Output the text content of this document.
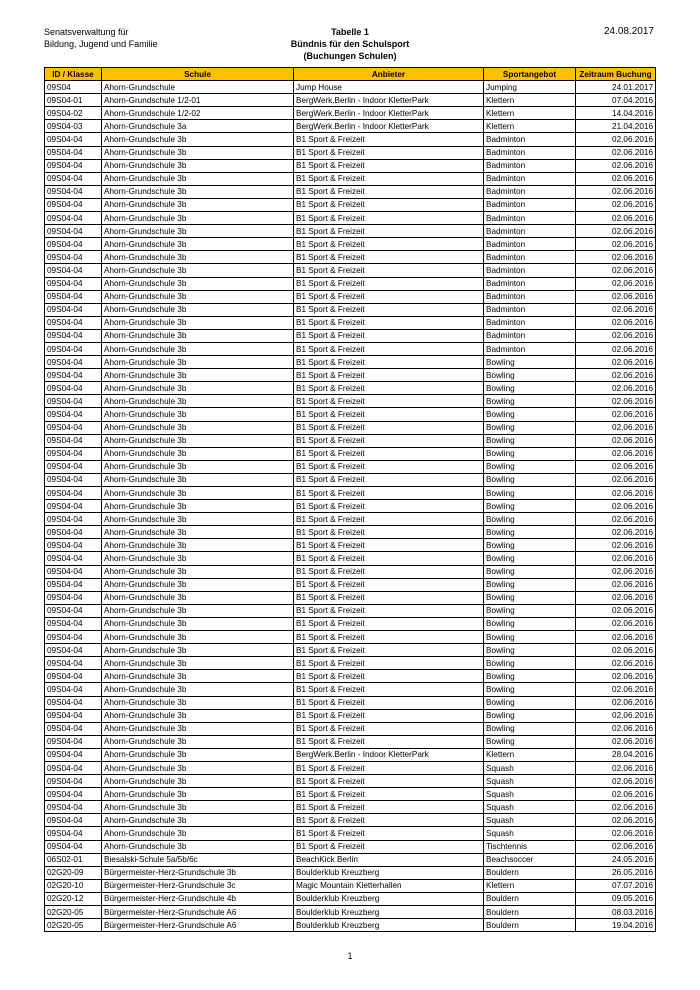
Senatsverwaltung für
Bildung, Jugend und Familie
Tabelle 1
Bündnis für den Schulsport
(Buchungen Schulen)
24.08.2017
ID / Klasse	Schule	Anbieter	Sportangebot	Zeitraum Buchung
09S04	Ahorn-Grundschule	Jump House	Jumping	24.01.2017
09S04-01	Ahorn-Grundschule 1/2-01	BergWerk.Berlin - Indoor KletterPark	Klettern	07.04.2016
09S04-02	Ahorn-Grundschule 1/2-02	BergWerk.Berlin - Indoor KletterPark	Klettern	14.04.2016
09S04-03	Ahorn-Grundschule 3a	BergWerk.Berlin - Indoor KletterPark	Klettern	21.04.2016
09S04-04	Ahorn-Grundschule 3b	B1 Sport & Freizeit	Badminton	02.06.2016
09S04-04	Ahorn-Grundschule 3b	B1 Sport & Freizeit	Badminton	02.06.2016
09S04-04	Ahorn-Grundschule 3b	B1 Sport & Freizeit	Badminton	02.06.2016
09S04-04	Ahorn-Grundschule 3b	B1 Sport & Freizeit	Badminton	02.06.2016
09S04-04	Ahorn-Grundschule 3b	B1 Sport & Freizeit	Badminton	02.06.2016
09S04-04	Ahorn-Grundschule 3b	B1 Sport & Freizeit	Badminton	02.06.2016
09S04-04	Ahorn-Grundschule 3b	B1 Sport & Freizeit	Badminton	02.06.2016
09S04-04	Ahorn-Grundschule 3b	B1 Sport & Freizeit	Badminton	02.06.2016
09S04-04	Ahorn-Grundschule 3b	B1 Sport & Freizeit	Badminton	02.06.2016
09S04-04	Ahorn-Grundschule 3b	B1 Sport & Freizeit	Badminton	02.06.2016
09S04-04	Ahorn-Grundschule 3b	B1 Sport & Freizeit	Badminton	02.06.2016
09S04-04	Ahorn-Grundschule 3b	B1 Sport & Freizeit	Badminton	02.06.2016
09S04-04	Ahorn-Grundschule 3b	B1 Sport & Freizeit	Badminton	02.06.2016
09S04-04	Ahorn-Grundschule 3b	B1 Sport & Freizeit	Badminton	02.06.2016
09S04-04	Ahorn-Grundschule 3b	B1 Sport & Freizeit	Badminton	02.06.2016
09S04-04	Ahorn-Grundschule 3b	B1 Sport & Freizeit	Badminton	02.06.2016
09S04-04	Ahorn-Grundschule 3b	B1 Sport & Freizeit	Badminton	02.06.2016
09S04-04	Ahorn-Grundschule 3b	B1 Sport & Freizeit	Bowling	02.06.2016
09S04-04	Ahorn-Grundschule 3b	B1 Sport & Freizeit	Bowling	02.06.2016
09S04-04	Ahorn-Grundschule 3b	B1 Sport & Freizeit	Bowling	02.06.2016
09S04-04	Ahorn-Grundschule 3b	B1 Sport & Freizeit	Bowling	02.06.2016
09S04-04	Ahorn-Grundschule 3b	B1 Sport & Freizeit	Bowling	02.06.2016
09S04-04	Ahorn-Grundschule 3b	B1 Sport & Freizeit	Bowling	02.06.2016
09S04-04	Ahorn-Grundschule 3b	B1 Sport & Freizeit	Bowling	02.06.2016
09S04-04	Ahorn-Grundschule 3b	B1 Sport & Freizeit	Bowling	02.06.2016
09S04-04	Ahorn-Grundschule 3b	B1 Sport & Freizeit	Bowling	02.06.2016
09S04-04	Ahorn-Grundschule 3b	B1 Sport & Freizeit	Bowling	02.06.2016
09S04-04	Ahorn-Grundschule 3b	B1 Sport & Freizeit	Bowling	02.06.2016
09S04-04	Ahorn-Grundschule 3b	B1 Sport & Freizeit	Bowling	02.06.2016
09S04-04	Ahorn-Grundschule 3b	B1 Sport & Freizeit	Bowling	02.06.2016
09S04-04	Ahorn-Grundschule 3b	B1 Sport & Freizeit	Bowling	02.06.2016
09S04-04	Ahorn-Grundschule 3b	B1 Sport & Freizeit	Bowling	02.06.2016
09S04-04	Ahorn-Grundschule 3b	B1 Sport & Freizeit	Bowling	02.06.2016
09S04-04	Ahorn-Grundschule 3b	B1 Sport & Freizeit	Bowling	02.06.2016
09S04-04	Ahorn-Grundschule 3b	B1 Sport & Freizeit	Bowling	02.06.2016
09S04-04	Ahorn-Grundschule 3b	B1 Sport & Freizeit	Bowling	02.06.2016
09S04-04	Ahorn-Grundschule 3b	B1 Sport & Freizeit	Bowling	02.06.2016
09S04-04	Ahorn-Grundschule 3b	B1 Sport & Freizeit	Bowling	02.06.2016
09S04-04	Ahorn-Grundschule 3b	B1 Sport & Freizeit	Bowling	02.06.2016
09S04-04	Ahorn-Grundschule 3b	B1 Sport & Freizeit	Bowling	02.06.2016
09S04-04	Ahorn-Grundschule 3b	B1 Sport & Freizeit	Bowling	02.06.2016
09S04-04	Ahorn-Grundschule 3b	B1 Sport & Freizeit	Bowling	02.06.2016
09S04-04	Ahorn-Grundschule 3b	B1 Sport & Freizeit	Bowling	02.06.2016
09S04-04	Ahorn-Grundschule 3b	B1 Sport & Freizeit	Bowling	02.06.2016
09S04-04	Ahorn-Grundschule 3b	B1 Sport & Freizeit	Bowling	02.06.2016
09S04-04	Ahorn-Grundschule 3b	B1 Sport & Freizeit	Bowling	02.06.2016
09S04-04	Ahorn-Grundschule 3b	B1 Sport & Freizeit	Bowling	02.06.2016
09S04-04	Ahorn-Grundschule 3b	BergWerk.Berlin - Indoor KletterPark	Klettern	28.04.2016
09S04-04	Ahorn-Grundschule 3b	B1 Sport & Freizeit	Squash	02.06.2016
09S04-04	Ahorn-Grundschule 3b	B1 Sport & Freizeit	Squash	02.06.2016
09S04-04	Ahorn-Grundschule 3b	B1 Sport & Freizeit	Squash	02.06.2016
09S04-04	Ahorn-Grundschule 3b	B1 Sport & Freizeit	Squash	02.06.2016
09S04-04	Ahorn-Grundschule 3b	B1 Sport & Freizeit	Squash	02.06.2016
09S04-04	Ahorn-Grundschule 3b	B1 Sport & Freizeit	Squash	02.06.2016
09S04-04	Ahorn-Grundschule 3b	B1 Sport & Freizeit	Tischtennis	02.06.2016
06S02-01	Biesalski-Schule 5a/5b/6c	BeachKick Berlin	Beachsoccer	24.05.2016
02G20-09	Bürgermeister-Herz-Grundschule 3b	Boulderklub Kreuzberg	Bouldern	26.05.2016
02G20-10	Bürgermeister-Herz-Grundschule 3c	Magic Mountain Kletterhallen	Klettern	07.07.2016
02G20-12	Bürgermeister-Herz-Grundschule 4b	Boulderklub Kreuzberg	Bouldern	09.05.2016
02G20-05	Bürgermeister-Herz-Grundschule A6	Boulderklub Kreuzberg	Bouldern	08.03.2016
02G20-05	Bürgermeister-Herz-Grundschule A6	Boulderklub Kreuzberg	Bouldern	19.04.2016
1
